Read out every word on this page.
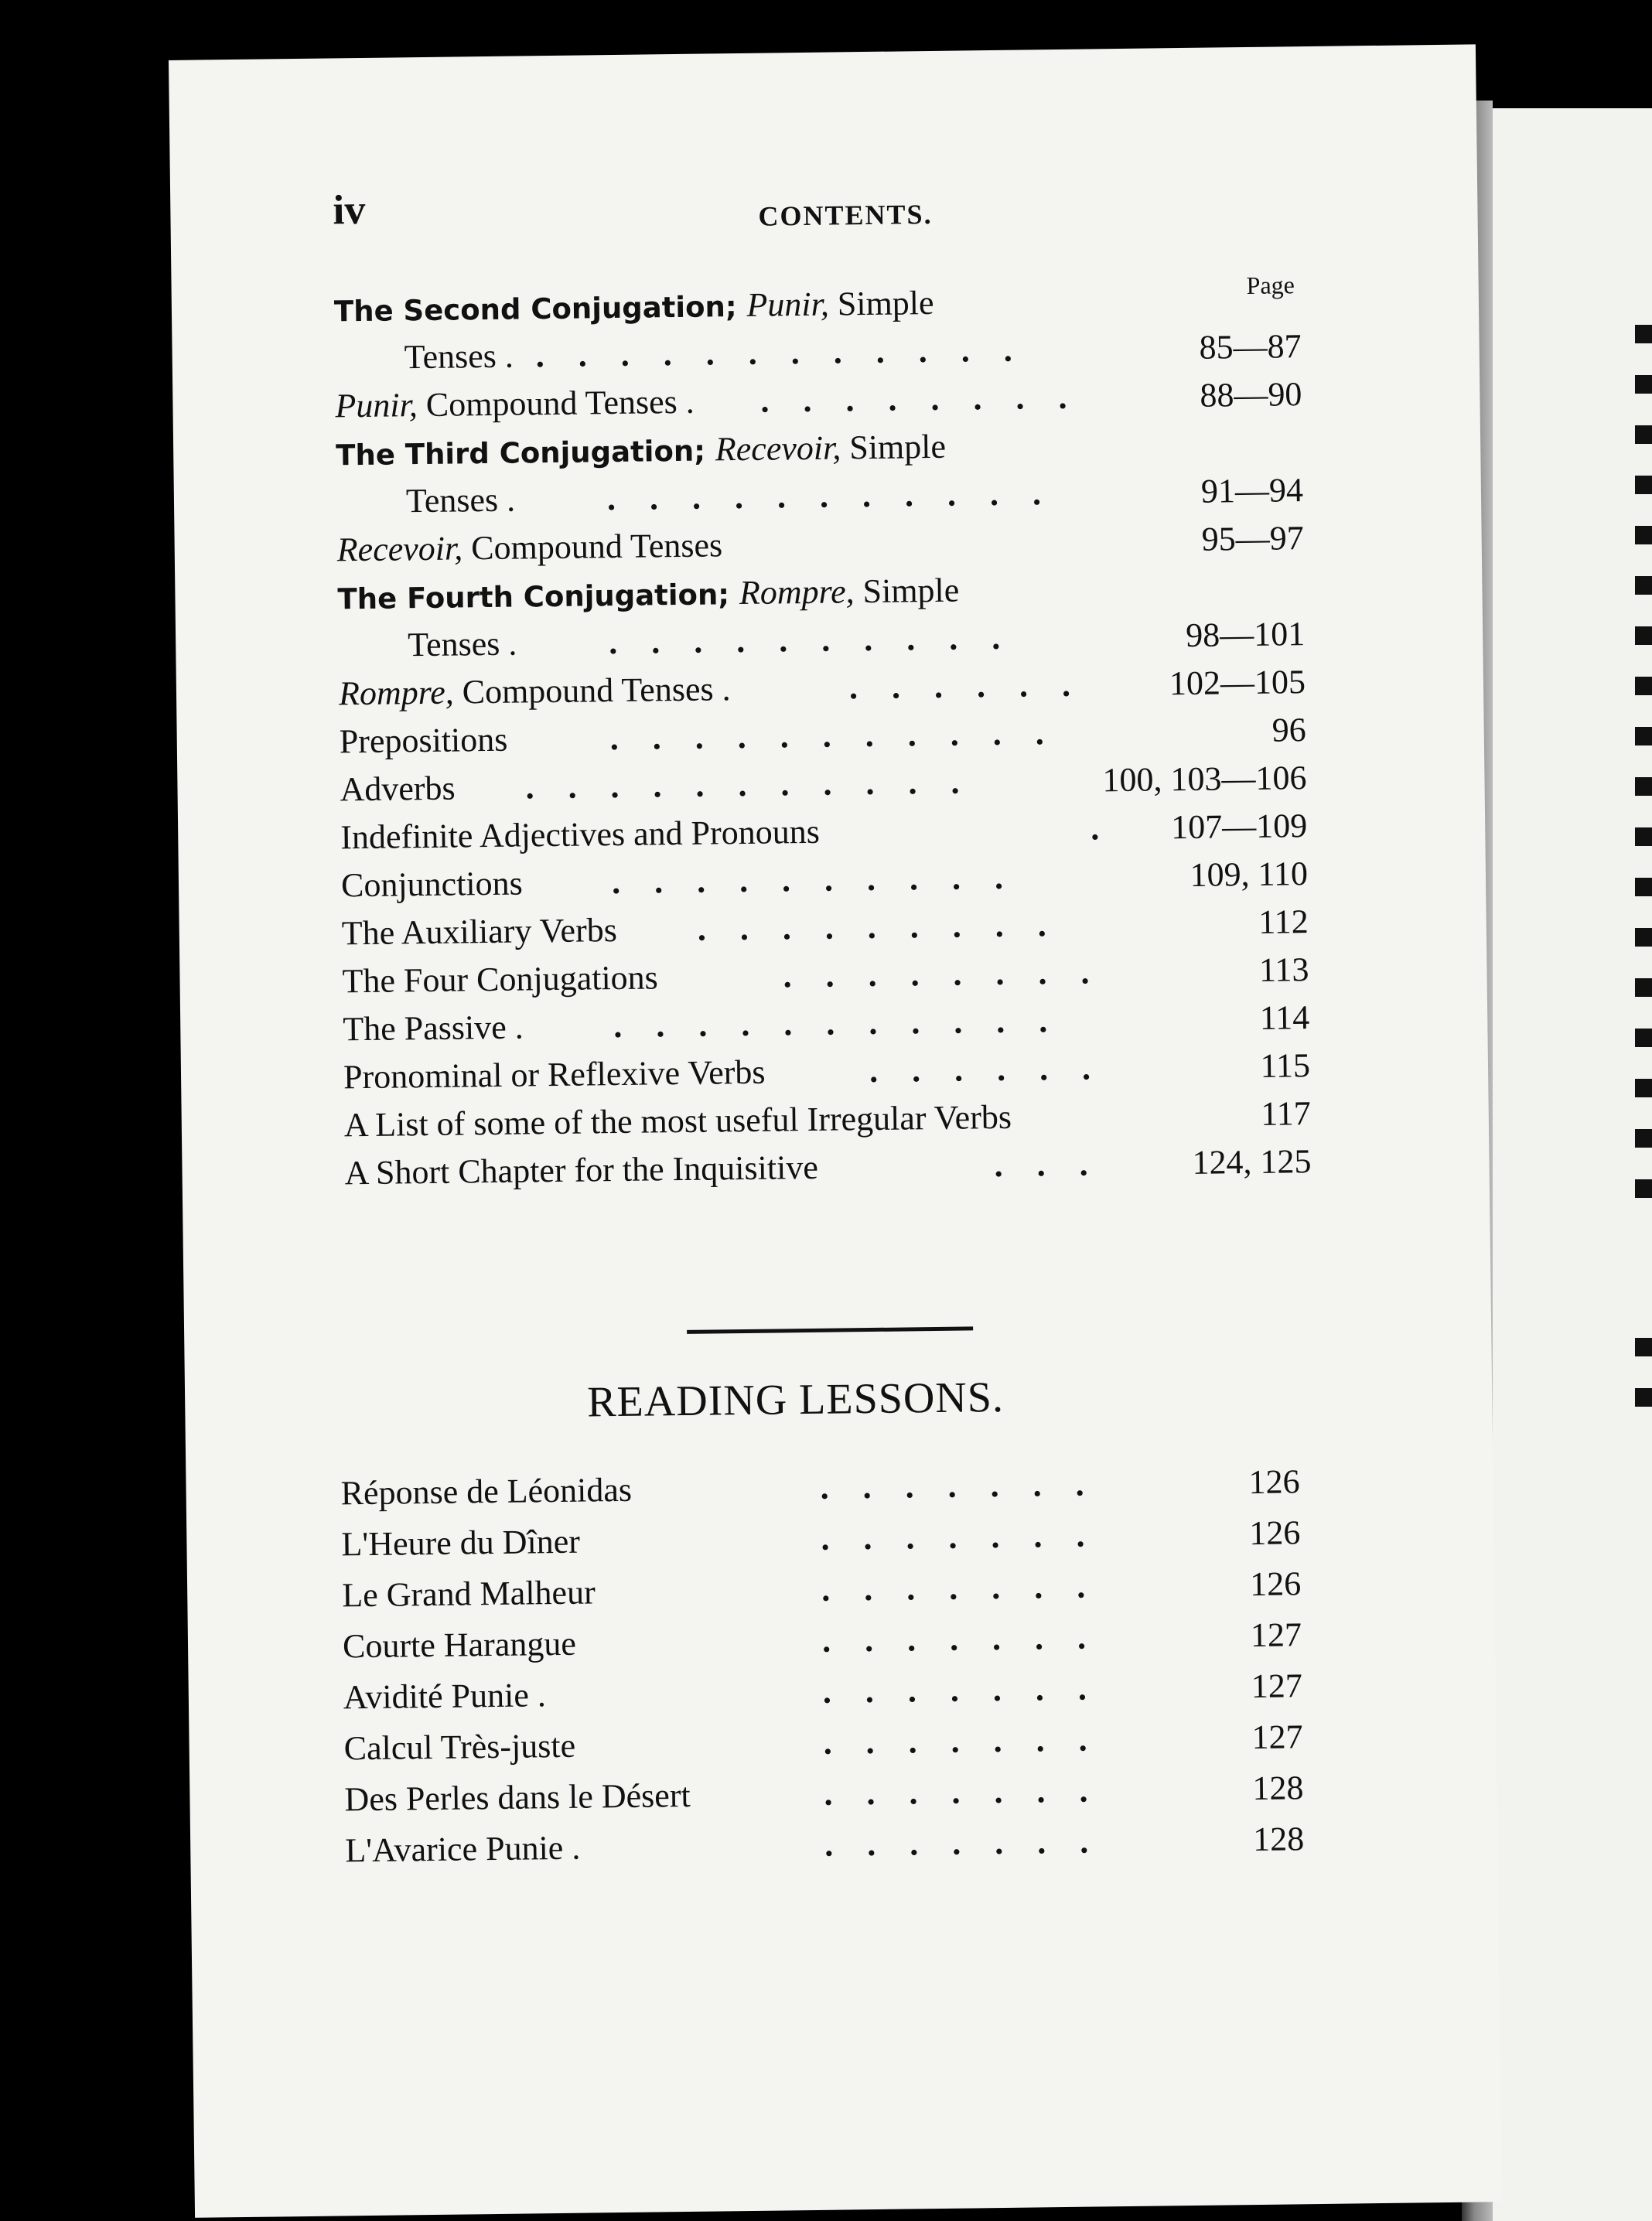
iv	CONTENTS.
Page
The Second Conjugation; Punir, Simple
Tenses . ............	85—87
Punir, Compound Tenses . ........	88—90
The Third Conjugation; Recevoir, Simple
Tenses .	...........	91—94
Recevoir, Compound Tenses	95—97
The Fourth Conjugation; Rompre, Simple
Tenses .	..........	98—101
Rompre, Compound Tenses .	...... 102—105
Prepositions	...........	96
Adverbs ...........	100, 103—106
Indefinite Adjectives and Pronouns	. 107—109
Conjunctions	..........	109, 110
The Auxiliary Verbs .........	112
The Four Conjugations	........	113
The Passive .	...........	114
Pronominal or Reflexive Verbs	......	115
A List of some of the most useful Irregular Verbs	117
A Short Chapter for the Inquisitive	... 124, 125
READING LESSONS.
Réponse de Léonidas	.......	126
L'Heure du Dîner	.......	126
Le Grand Malheur	.......	126
Courte Harangue	.......	127
Avidité Punie .	.......	127
Calcul Très-juste	.......	127
Des Perles dans le Désert	.......	128
L'Avarice Punie .	.......	128
